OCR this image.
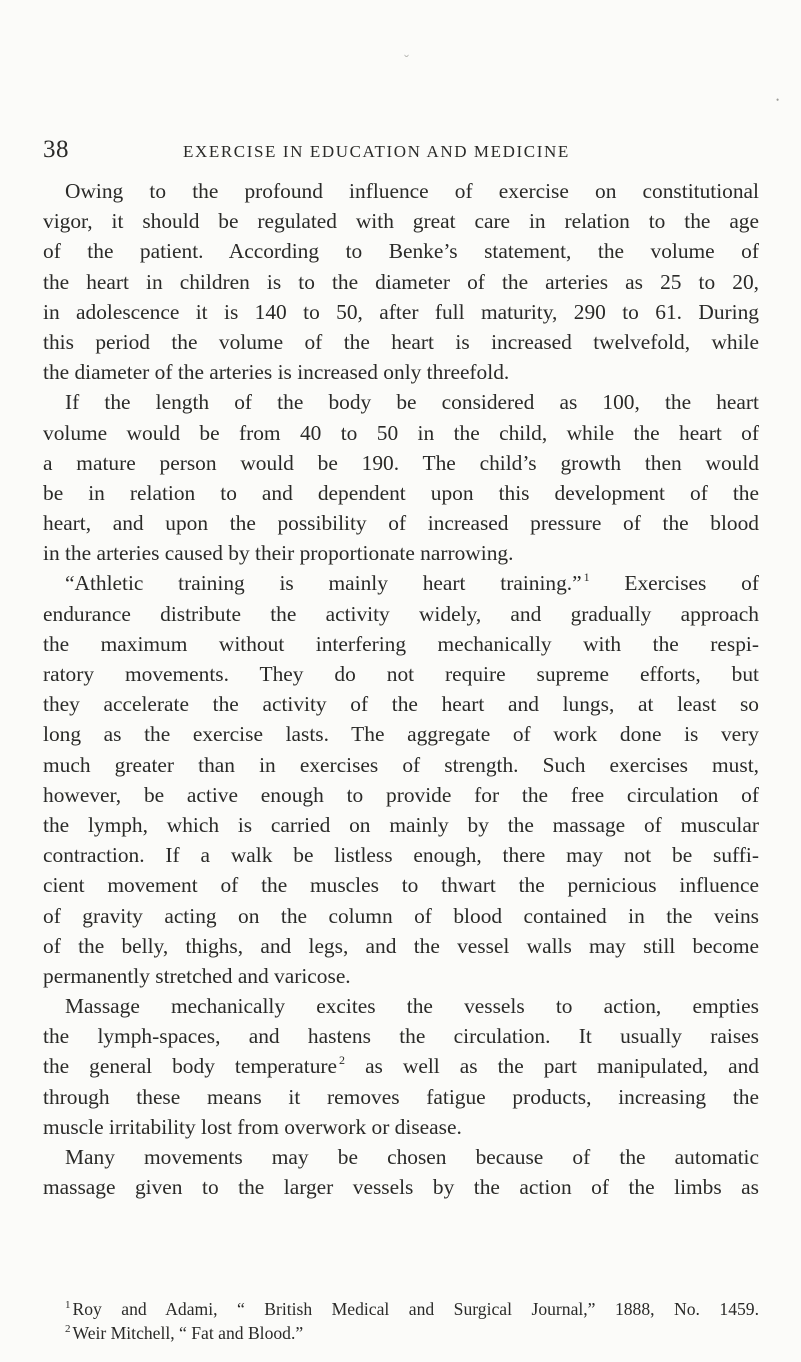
ˇ
•
38	EXERCISE IN EDUCATION AND MEDICINE
Owing to the profound influence of exercise on constitutional
vigor, it should be regulated with great care in relation to the age
of the patient. According to Benke’s statement, the volume of
the heart in children is to the diameter of the arteries as 25 to 20,
in adolescence it is 140 to 50, after full maturity, 290 to 61. During
this period the volume of the heart is increased twelvefold, while
the diameter of the arteries is increased only threefold.
If the length of the body be considered as 100, the heart
volume would be from 40 to 50 in the child, while the heart of
a mature person would be 190. The child’s growth then would
be in relation to and dependent upon this development of the
heart, and upon the possibility of increased pressure of the blood
in the arteries caused by their proportionate narrowing.
“Athletic training is mainly heart training.” $^1$ Exercises of
endurance distribute the activity widely, and gradually approach
the maximum without interfering mechanically with the respi-
ratory movements. They do not require supreme efforts, but
they accelerate the activity of the heart and lungs, at least so
long as the exercise lasts. The aggregate of work done is very
much greater than in exercises of strength. Such exercises must,
however, be active enough to provide for the free circulation of
the lymph, which is carried on mainly by the massage of muscular
contraction. If a walk be listless enough, there may not be suffi-
cient movement of the muscles to thwart the pernicious influence
of gravity acting on the column of blood contained in the veins
of the belly, thighs, and legs, and the vessel walls may still become
permanently stretched and varicose.
Massage mechanically excites the vessels to action, empties
the lymph-spaces, and hastens the circulation. It usually raises
the general body temperature $^2$ as well as the part manipulated, and
through these means it removes fatigue products, increasing the
muscle irritability lost from overwork or disease.
Many movements may be chosen because of the automatic
massage given to the larger vessels by the action of the limbs as
$^1$ Roy and Adami, “ British Medical and Surgical Journal,” 1888, No. 1459.
$^2$ Weir Mitchell, “ Fat and Blood.”
